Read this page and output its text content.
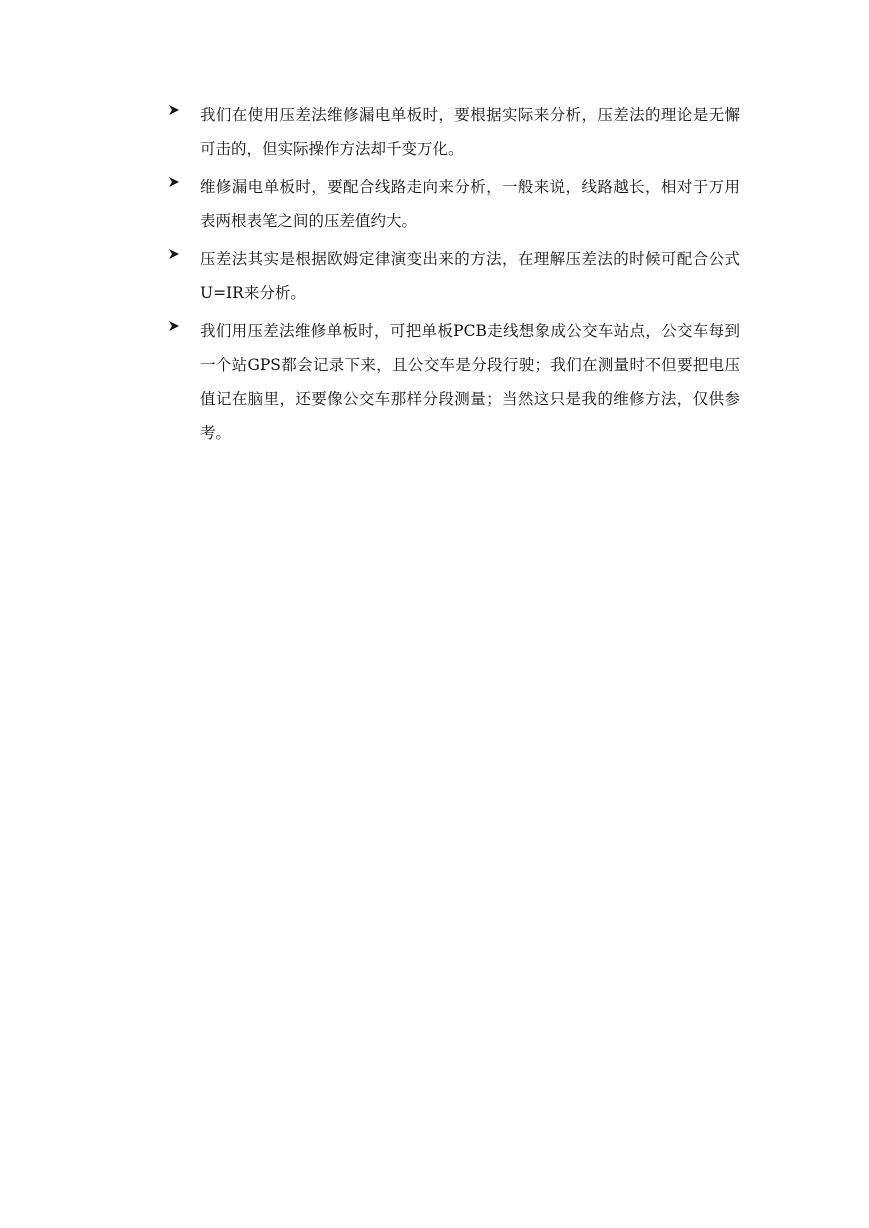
我们在使用压差法维修漏电单板时，要根据实际来分析，压差法的理论是无懈可击的，但实际操作方法却千变万化。
维修漏电单板时，要配合线路走向来分析，一般来说，线路越长，相对于万用表两根表笔之间的压差值约大。
压差法其实是根据欧姆定律演变出来的方法，在理解压差法的时候可配合公式U=IR来分析。
我们用压差法维修单板时，可把单板PCB走线想象成公交车站点，公交车每到一个站GPS都会记录下来，且公交车是分段行驶；我们在测量时不但要把电压值记在脑里，还要像公交车那样分段测量；当然这只是我的维修方法，仅供参考。
